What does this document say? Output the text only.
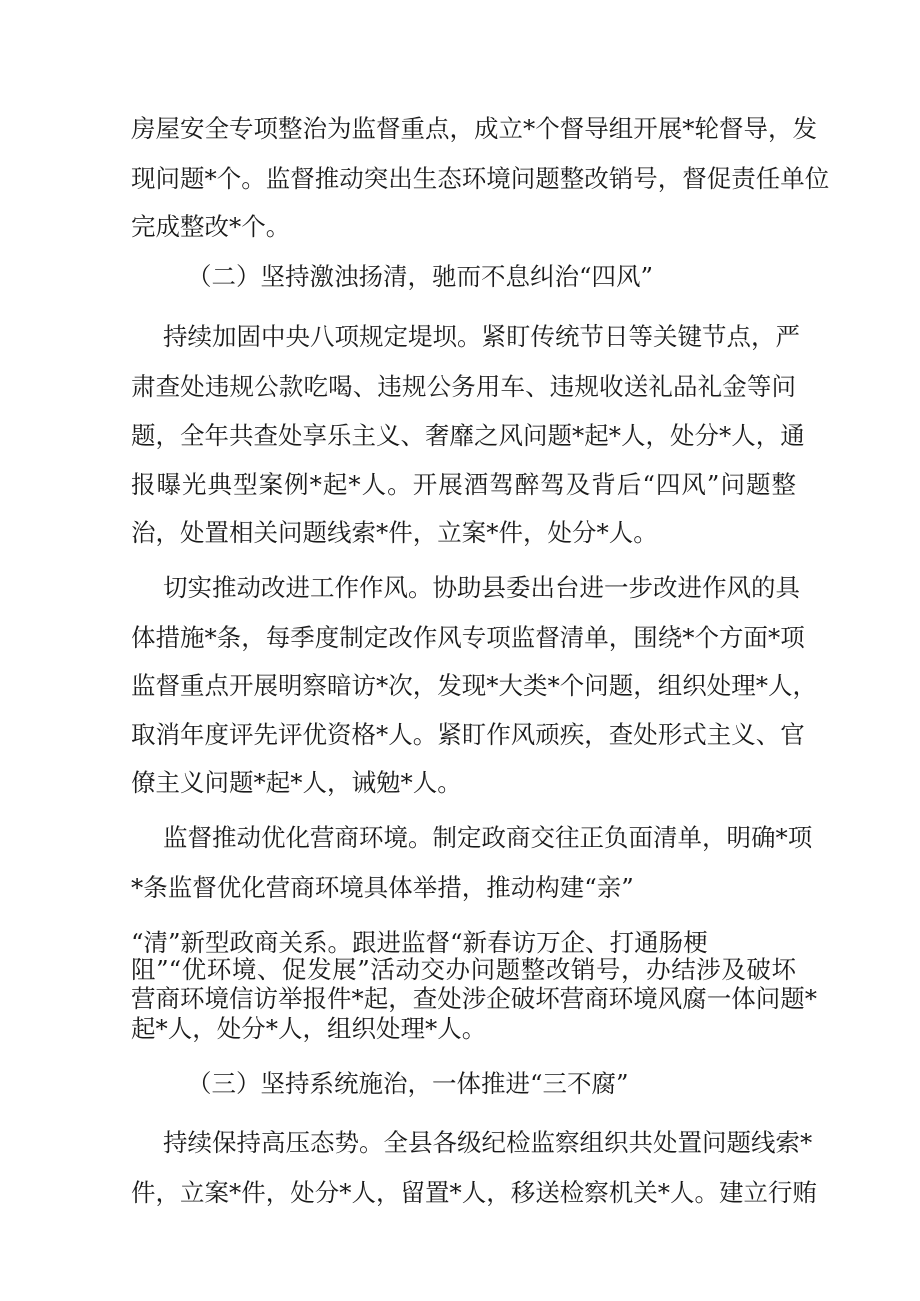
房屋安全专项整治为监督重点，成立*个督导组开展*轮督导，发
现问题*个。监督推动突出生态环境问题整改销号，督促责任单位
完成整改*个。
（二）坚持激浊扬清，驰而不息纠治“四风”
持续加固中央八项规定堤坝。紧盯传统节日等关键节点，严
肃查处违规公款吃喝、违规公务用车、违规收送礼品礼金等问
题，全年共查处享乐主义、奢靡之风问题*起*人，处分*人，通
报曝光典型案例*起*人。开展酒驾醉驾及背后“四风”问题整
治，处置相关问题线索*件，立案*件，处分*人。
切实推动改进工作作风。协助县委出台进一步改进作风的具
体措施*条，每季度制定改作风专项监督清单，围绕*个方面*项
监督重点开展明察暗访*次，发现*大类*个问题，组织处理*人，
取消年度评先评优资格*人。紧盯作风顽疾，查处形式主义、官
僚主义问题*起*人，诫勉*人。
监督推动优化营商环境。制定政商交往正负面清单，明确*项
*条监督优化营商环境具体举措，推动构建“亲”
“清”新型政商关系。跟进监督“新春访万企、打通肠梗
阻”“优环境、促发展”活动交办问题整改销号，办结涉及破坏
营商环境信访举报件*起，查处涉企破坏营商环境风腐一体问题*
起*人，处分*人，组织处理*人。
（三）坚持系统施治，一体推进“三不腐”
持续保持高压态势。全县各级纪检监察组织共处置问题线索*
件，立案*件，处分*人，留置*人，移送检察机关*人。建立行贿
